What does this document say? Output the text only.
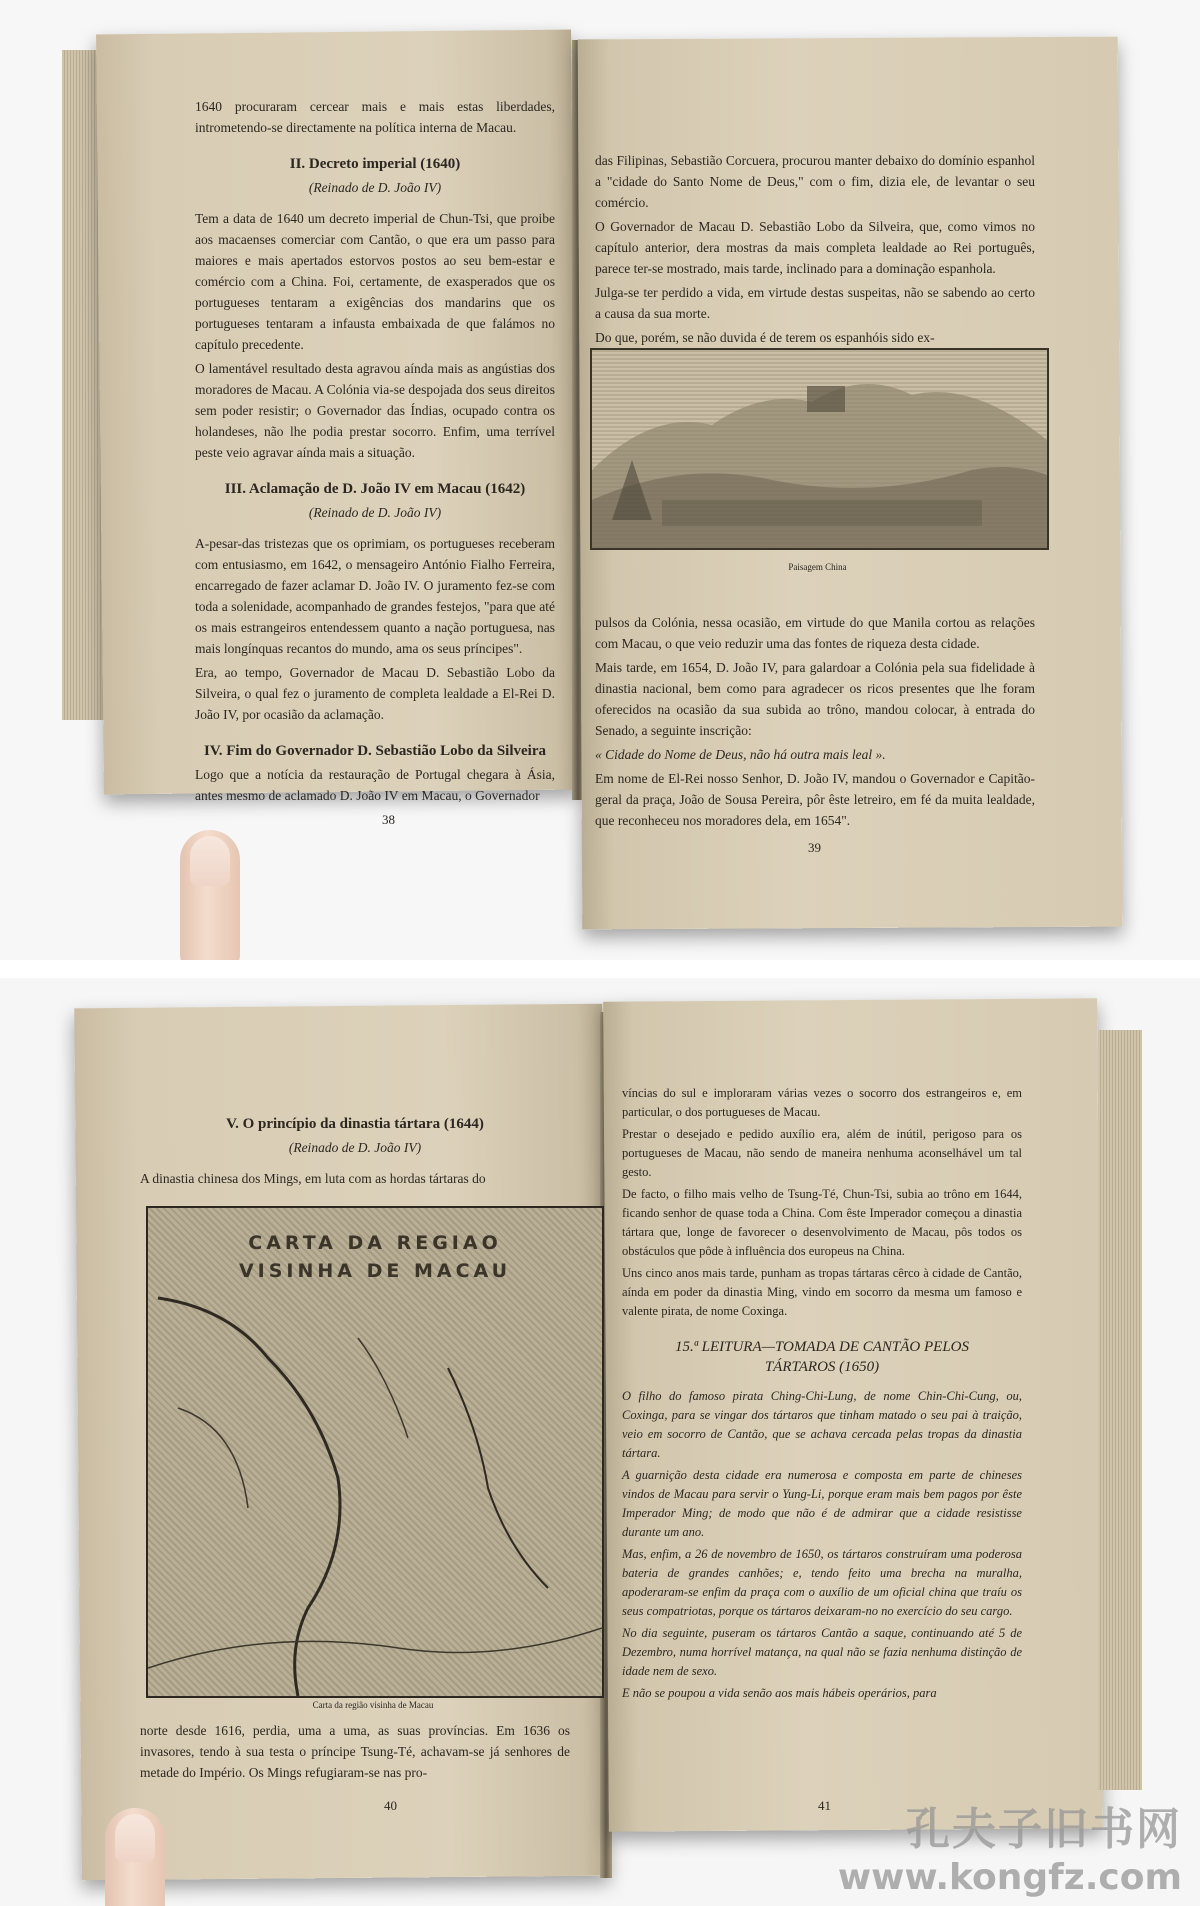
1640 procuraram cercear mais e mais estas liberdades, intrometendo-se directamente na política interna de Macau.

II. Decreto imperial (1640)
(Reinado de D. João IV)

Tem a data de 1640 um decreto imperial de Chun-Tsi, que proibe aos macaenses comerciar com Cantão, o que era um passo para maiores e mais apertados estorvos postos ao seu bem-estar e comércio com a China. Foi, certamente, de exasperados que os portugueses tentaram a exigências dos mandarins que os portugueses tentaram a infausta embaixada de que falámos no capítulo precedente.

O lamentável resultado desta agravou aínda mais as angústias dos moradores de Macau. A Colónia via-se despojada dos seus direitos sem poder resistir; o Governador das Índias, ocupado contra os holandeses, não lhe podia prestar socorro. Enfim, uma terrível peste veio agravar aínda mais a situação.

III. Aclamação de D. João IV em Macau (1642)
(Reinado de D. João IV)

A-pesar-das tristezas que os oprimiam, os portugueses receberam com entusiasmo, em 1642, o mensageiro António Fialho Ferreira, encarregado de fazer aclamar D. João IV. O juramento fez-se com toda a solenidade, acompanhado de grandes festejos, "para que até os mais estrangeiros entendessem quanto a nação portuguesa, nas mais longínquas recantos do mundo, ama os seus príncipes".

Era, ao tempo, Governador de Macau D. Sebastião Lobo da Silveira, o qual fez o juramento de completa lealdade a El-Rei D. João IV, por ocasião da aclamação.

IV. Fim do Governador D. Sebastião Lobo da Silveira

Logo que a notícia da restauração de Portugal chegara à Ásia, antes mesmo de aclamado D. João IV em Macau, o Governador

38

das Filipinas, Sebastião Corcuera, procurou manter debaixo do domínio espanhol a "cidade do Santo Nome de Deus," com o fim, dizia ele, de levantar o seu comércio.

O Governador de Macau D. Sebastião Lobo da Silveira, que, como vimos no capítulo anterior, dera mostras da mais completa lealdade ao Rei português, parece ter-se mostrado, mais tarde, inclinado para a dominação espanhola.

Julga-se ter perdido a vida, em virtude destas suspeitas, não se sabendo ao certo a causa da sua morte.

Do que, porém, se não duvida é de terem os espanhóis sido ex-

Paisagem China

pulsos da Colónia, nessa ocasião, em virtude do que Manila cortou as relações com Macau, o que veio reduzir uma das fontes de riqueza desta cidade.

Mais tarde, em 1654, D. João IV, para galardoar a Colónia pela sua fidelidade à dinastia nacional, bem como para agradecer os ricos presentes que lhe foram oferecidos na ocasião da sua subida ao trôno, mandou colocar, à entrada do Senado, a seguinte inscrição:

« Cidade do Nome de Deus, não há outra mais leal ».

Em nome de El-Rei nosso Senhor, D. João IV, mandou o Governador e Capitão-geral da praça, João de Sousa Pereira, pôr êste letreiro, em fé da muita lealdade, que reconheceu nos moradores dela, em 1654".

39
V. O princípio da dinastia tártara (1644)
(Reinado de D. João IV)

A dinastia chinesa dos Mings, em luta com as hordas tártaras do

CARTA DA REGIAO
VISINHA DE MACAU
Carta da região visinha de Macau

norte desde 1616, perdia, uma a uma, as suas províncias. Em 1636 os invasores, tendo à sua testa o príncipe Tsung-Té, achavam-se já senhores de metade do Império. Os Mings refugiaram-se nas pro-

40

víncias do sul e imploraram várias vezes o socorro dos estrangeiros e, em particular, o dos portugueses de Macau.

Prestar o desejado e pedido auxílio era, além de inútil, perigoso para os portugueses de Macau, não sendo de maneira nenhuma aconselhável um tal gesto.

De facto, o filho mais velho de Tsung-Té, Chun-Tsi, subia ao trôno em 1644, ficando senhor de quase toda a China. Com êste Imperador começou a dinastia tártara que, longe de favorecer o desenvolvimento de Macau, pôs todos os obstáculos que pôde à influência dos europeus na China.

Uns cinco anos mais tarde, punham as tropas tártaras cêrco à cidade de Cantão, aínda em poder da dinastia Ming, vindo em socorro da mesma um famoso e valente pirata, de nome Coxinga.

15.ª LEITURA—TOMADA DE CANTÃO PELOS
TÁRTAROS (1650)

O filho do famoso pirata Ching-Chi-Lung, de nome Chin-Chi-Cung, ou, Coxinga, para se vingar dos tártaros que tinham matado o seu pai à traição, veio em socorro de Cantão, que se achava cercada pelas tropas da dinastia tártara.

A guarnição desta cidade era numerosa e composta em parte de chineses vindos de Macau para servir o Yung-Li, porque eram mais bem pagos por êste Imperador Ming; de modo que não é de admirar que a cidade resistisse durante um ano.

Mas, enfim, a 26 de novembro de 1650, os tártaros construíram uma poderosa bateria de grandes canhões; e, tendo feito uma brecha na muralha, apoderaram-se enfim da praça com o auxílio de um oficial china que traíu os seus compatriotas, porque os tártaros deixaram-no no exercício do seu cargo.

No dia seguinte, puseram os tártaros Cantão a saque, continuando até 5 de Dezembro, numa horrível matança, na qual não se fazia nenhuma distinção de idade nem de sexo.

E não se poupou a vida senão aos mais hábeis operários, para

41	孔夫子旧书网
www.kongfz.com
